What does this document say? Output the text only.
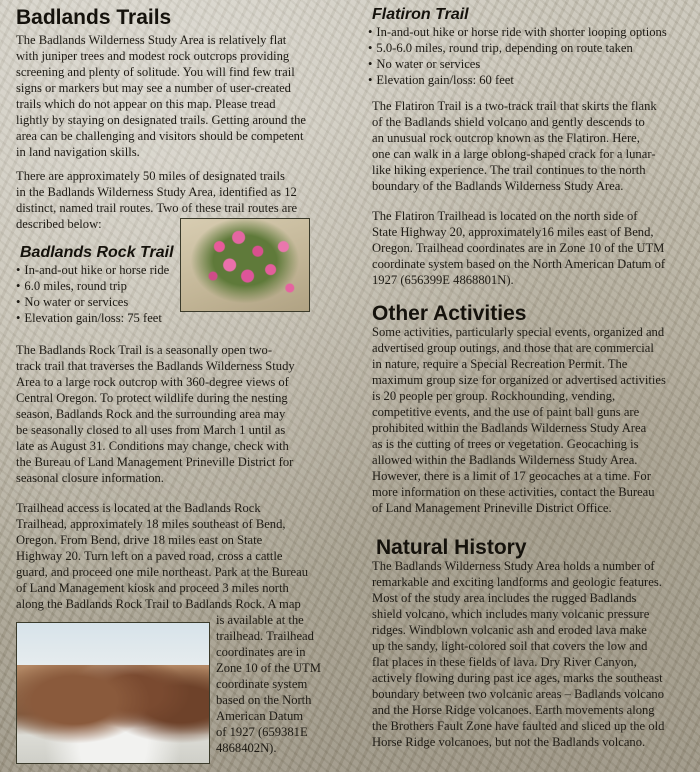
Badlands Trails

The Badlands Wilderness Study Area is relatively flat

with juniper trees and modest rock outcrops providing

screening and plenty of solitude. You will find few trail

signs or markers but may see a number of user-created

trails which do not appear on this map. Please tread

lightly by staying on designated trails. Getting around the

area can be challenging and visitors should be competent

in land navigation skills.

There are approximately 50 miles of designated trails

in the Badlands Wilderness Study Area, identified as 12

distinct, named trail routes. Two of these trail routes are

described below:

Badlands Rock Trail
• In-and-out hike or horse ride
• 6.0 miles, round trip
• No water or services
• Elevation gain/loss: 75 feet

The Badlands Rock Trail is a seasonally open two-

track trail that traverses the Badlands Wilderness Study

Area to a large rock outcrop with 360-degree views of

Central Oregon. To protect wildlife during the nesting

season, Badlands Rock and the surrounding area may

be seasonally closed to all uses from March 1 until as

late as August 31. Conditions may change, check with

the Bureau of Land Management Prineville District for

seasonal closure information.

Trailhead access is located at the Badlands Rock

Trailhead, approximately 18 miles southeast of Bend,

Oregon. From Bend, drive 18 miles east on State

Highway 20. Turn left on a paved road, cross a cattle

guard, and proceed one mile northeast. Park at the Bureau

of Land Management kiosk and proceed 3 miles north

along the Badlands Rock Trail to Badlands Rock. A map

is available at the

trailhead. Trailhead

coordinates are in

Zone 10 of the UTM

coordinate system

based on the North

American Datum

of 1927 (659381E

4868402N).

Flatiron Trail
• In-and-out hike or horse ride with shorter looping options
• 5.0-6.0 miles, round trip, depending on route taken
• No water or services
• Elevation gain/loss: 60 feet

The Flatiron Trail is a two-track trail that skirts the flank

of the Badlands shield volcano and gently descends to

an unusual rock outcrop known as the Flatiron. Here,

one can walk in a large oblong-shaped crack for a lunar-

like hiking experience. The trail continues to the north

boundary of the Badlands Wilderness Study Area.

The Flatiron Trailhead is located on the north side of

State Highway 20, approximately16 miles east of Bend,

Oregon. Trailhead coordinates are in Zone 10 of the UTM

coordinate system based on the North American Datum of

1927 (656399E 4868801N).

Other Activities

Some activities, particularly special events, organized and

advertised group outings, and those that are commercial

in nature, require a Special Recreation Permit. The

maximum group size for organized or advertised activities

is 20 people per group. Rockhounding, vending,

competitive events, and the use of paint ball guns are

prohibited within the Badlands Wilderness Study Area

as is the cutting of trees or vegetation. Geocaching is

allowed within the Badlands Wilderness Study Area.

However, there is a limit of 17 geocaches at a time. For

more information on these activities, contact the Bureau

of Land Management Prineville District Office.

Natural History

The Badlands Wilderness Study Area holds a number of

remarkable and exciting landforms and geologic features.

Most of the study area includes the rugged Badlands

shield volcano, which includes many volcanic pressure

ridges. Windblown volcanic ash and eroded lava make

up the sandy, light-colored soil that covers the low and

flat places in these fields of lava. Dry River Canyon,

actively flowing during past ice ages, marks the southeast

boundary between two volcanic areas – Badlands volcano

and the Horse Ridge volcanoes. Earth movements along

the Brothers Fault Zone have faulted and sliced up the old

Horse Ridge volcanoes, but not the Badlands volcano.
